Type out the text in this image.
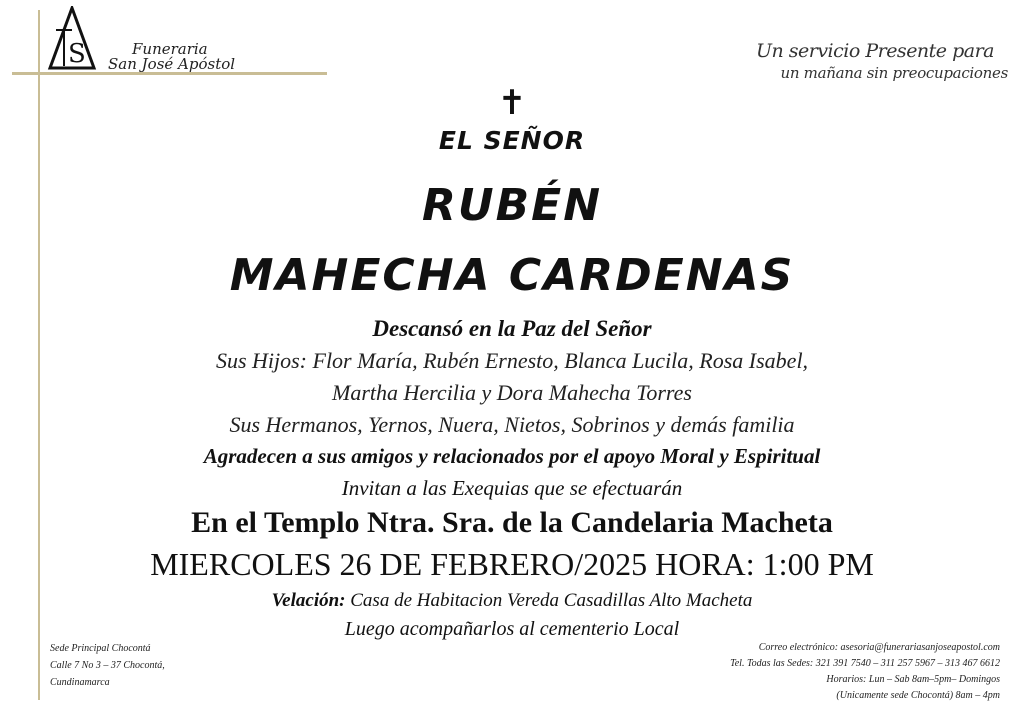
S	Funeraria
San José Apóstol
Un servicio Presente para
un mañana sin preocupaciones
✝
EL SEÑOR
RUBÉN
MAHECHA CARDENAS
Descansó en la Paz del Señor
Sus Hijos: Flor María, Rubén Ernesto, Blanca Lucila, Rosa Isabel,
Martha Hercilia y Dora Mahecha Torres
Sus Hermanos, Yernos, Nuera, Nietos, Sobrinos y demás familia
Agradecen a sus amigos y relacionados por el apoyo Moral y Espiritual
Invitan a las Exequias que se efectuarán
En el Templo Ntra. Sra. de la Candelaria Macheta
MIERCOLES 26 DE FEBRERO/2025 HORA: 1:00 PM
Velación: Casa de Habitacion Vereda Casadillas Alto Macheta
Luego acompañarlos al cementerio Local
Sede Principal Chocontá
Calle 7 No 3 – 37 Chocontá,
Cundinamarca
Correo electrónico: asesoria@funerariasanjoseapostol.com
Tel. Todas las Sedes: 321 391 7540 – 311 257 5967 – 313 467 6612
Horarios: Lun – Sab 8am–5pm– Domingos
(Unicamente sede Chocontá) 8am – 4pm
